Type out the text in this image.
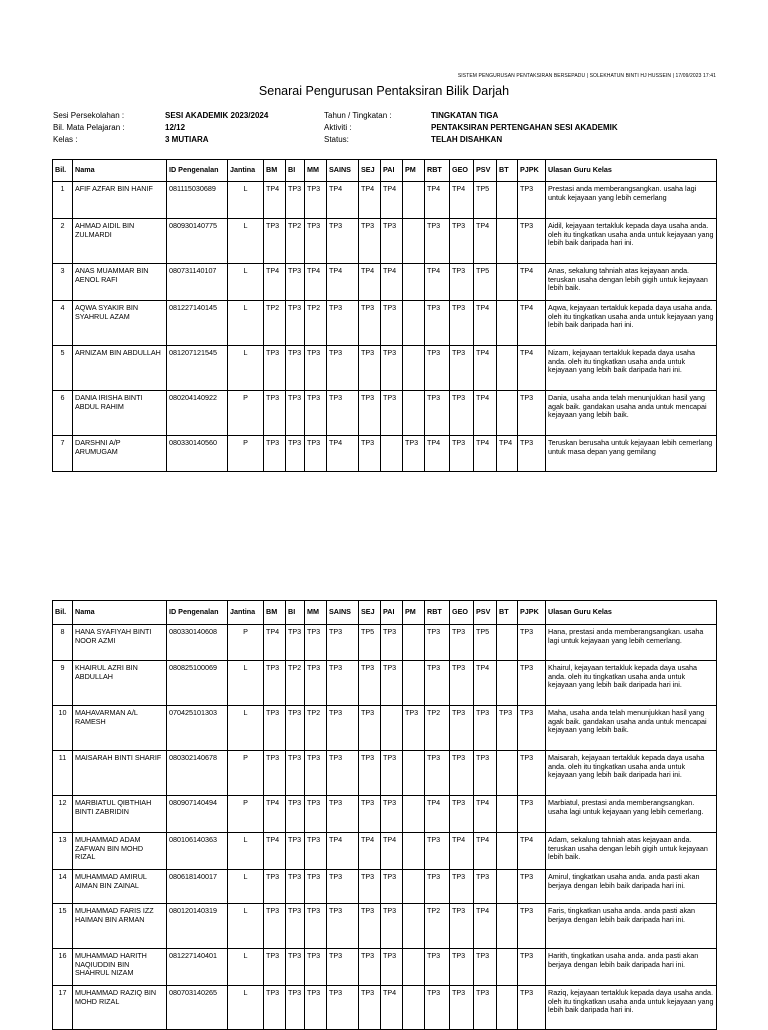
SISTEM PENGURUSAN PENTAKSIRAN BERSEPADU | SOLEKHATUN BINTI HJ HUSSEIN | 17/09/2023 17:41
Senarai Pengurusan Pentaksiran Bilik Darjah
Sesi Persekolahan :	SESI AKADEMIK 2023/2024	Tahun / Tingkatan :	TINGKATAN TIGA
Bil. Mata Pelajaran :	12/12	Aktiviti :	PENTAKSIRAN PERTENGAHAN SESI AKADEMIK
Kelas :	3 MUTIARA	Status:	TELAH DISAHKAN
Bil.	Nama	ID Pengenalan	Jantina	BM	BI	MM	SAINS	SEJ	PAI	PM	RBT	GEO	PSV	BT	PJPK	Ulasan Guru Kelas
1	AFIF AZFAR BIN HANIF	081115030689	L	TP4	TP3	TP3	TP4	TP4	TP4		TP4	TP4	TP5		TP3	Prestasi anda memberangsangkan. usaha lagi untuk kejayaan yang lebih cemerlang
2	AHMAD AIDIL BIN ZULMARDI	080930140775	L	TP3	TP2	TP3	TP3	TP3	TP3		TP3	TP3	TP4		TP3	Aidil, kejayaan tertakluk kepada daya usaha anda. oleh itu tingkatkan usaha anda untuk kejayaan yang lebih baik daripada hari ini.
3	ANAS MUAMMAR BIN AENOL RAFI	080731140107	L	TP4	TP3	TP4	TP4	TP4	TP4		TP4	TP3	TP5		TP4	Anas, sekalung tahniah atas kejayaan anda. teruskan usaha dengan lebih gigih untuk kejayaan lebih baik.
4	AQWA SYAKIR BIN SYAHRUL AZAM	081227140145	L	TP2	TP3	TP2	TP3	TP3	TP3		TP3	TP3	TP4		TP4	Aqwa, kejayaan tertakluk kepada daya usaha anda. oleh itu tingkatkan usaha anda untuk kejayaan yang lebih baik daripada hari ini.
5	ARNIZAM BIN ABDULLAH	081207121545	L	TP3	TP3	TP3	TP3	TP3	TP3		TP3	TP3	TP4		TP4	Nizam, kejayaan tertakluk kepada daya usaha anda. oleh itu tingkatkan usaha anda untuk kejayaan yang lebih baik daripada hari ini.
6	DANIA IRISHA BINTI ABDUL RAHIM	080204140922	P	TP3	TP3	TP3	TP3	TP3	TP3		TP3	TP3	TP4		TP3	Dania, usaha anda telah menunjukkan hasil yang agak baik. gandakan usaha anda untuk mencapai kejayaan yang lebih baik.
7	DARSHNI A/P ARUMUGAM	080330140560	P	TP3	TP3	TP3	TP4	TP3		TP3	TP4	TP3	TP4	TP4	TP3	Teruskan berusaha untuk kejayaan lebih cemerlang untuk masa depan yang gemilang
Bil.	Nama	ID Pengenalan	Jantina	BM	BI	MM	SAINS	SEJ	PAI	PM	RBT	GEO	PSV	BT	PJPK	Ulasan Guru Kelas
8	HANA SYAFIYAH BINTI NOOR AZMI	080330140608	P	TP4	TP3	TP3	TP3	TP5	TP3		TP3	TP3	TP5		TP3	Hana, prestasi anda memberangsangkan. usaha lagi untuk kejayaan yang lebih cemerlang.
9	KHAIRUL AZRI BIN ABDULLAH	080825100069	L	TP3	TP2	TP3	TP3	TP3	TP3		TP3	TP3	TP4		TP3	Khairul, kejayaan tertakluk kepada daya usaha anda. oleh itu tingkatkan usaha anda untuk kejayaan yang lebih baik daripada hari ini.
10	MAHAVARMAN A/L RAMESH	070425101303	L	TP3	TP3	TP2	TP3	TP3		TP3	TP2	TP3	TP3	TP3	TP3	Maha, usaha anda telah menunjukkan hasil yang agak baik. gandakan usaha anda untuk mencapai kejayaan yang lebih baik.
11	MAISARAH BINTI SHARIF	080302140678	P	TP3	TP3	TP3	TP3	TP3	TP3		TP3	TP3	TP3		TP3	Maisarah, kejayaan tertakluk kepada daya usaha anda. oleh itu tingkatkan usaha anda untuk kejayaan yang lebih baik daripada hari ini.
12	MARBIATUL QIBTHIAH BINTI ZABRIDIN	080907140494	P	TP4	TP3	TP3	TP3	TP3	TP3		TP4	TP3	TP4		TP3	Marbiatul, prestasi anda memberangsangkan. usaha lagi untuk kejayaan yang lebih cemerlang.
13	MUHAMMAD ADAM ZAFWAN BIN MOHD RIZAL	080106140363	L	TP4	TP3	TP3	TP4	TP4	TP4		TP3	TP4	TP4		TP4	Adam, sekalung tahniah atas kejayaan anda. teruskan usaha dengan lebih gigih untuk kejayaan lebih baik.
14	MUHAMMAD AMIRUL AIMAN BIN ZAINAL	080618140017	L	TP3	TP3	TP3	TP3	TP3	TP3		TP3	TP3	TP3		TP3	Amirul, tingkatkan usaha anda. anda pasti akan berjaya dengan lebih baik daripada hari ini.
15	MUHAMMAD FARIS IZZ HAIMAN BIN ARMAN	080120140319	L	TP3	TP3	TP3	TP3	TP3	TP3		TP2	TP3	TP4		TP3	Faris, tingkatkan usaha anda. anda pasti akan berjaya dengan lebih baik daripada hari ini.
16	MUHAMMAD HARITH NAQIUDDIN BIN SHAHRUL NIZAM	081227140401	L	TP3	TP3	TP3	TP3	TP3	TP3		TP3	TP3	TP3		TP3	Harith, tingkatkan usaha anda. anda pasti akan berjaya dengan lebih baik daripada hari ini.
17	MUHAMMAD RAZIQ BIN MOHD RIZAL	080703140265	L	TP3	TP3	TP3	TP3	TP3	TP4		TP3	TP3	TP3		TP3	Raziq, kejayaan tertakluk kepada daya usaha anda. oleh itu tingkatkan usaha anda untuk kejayaan yang lebih baik daripada hari ini.
